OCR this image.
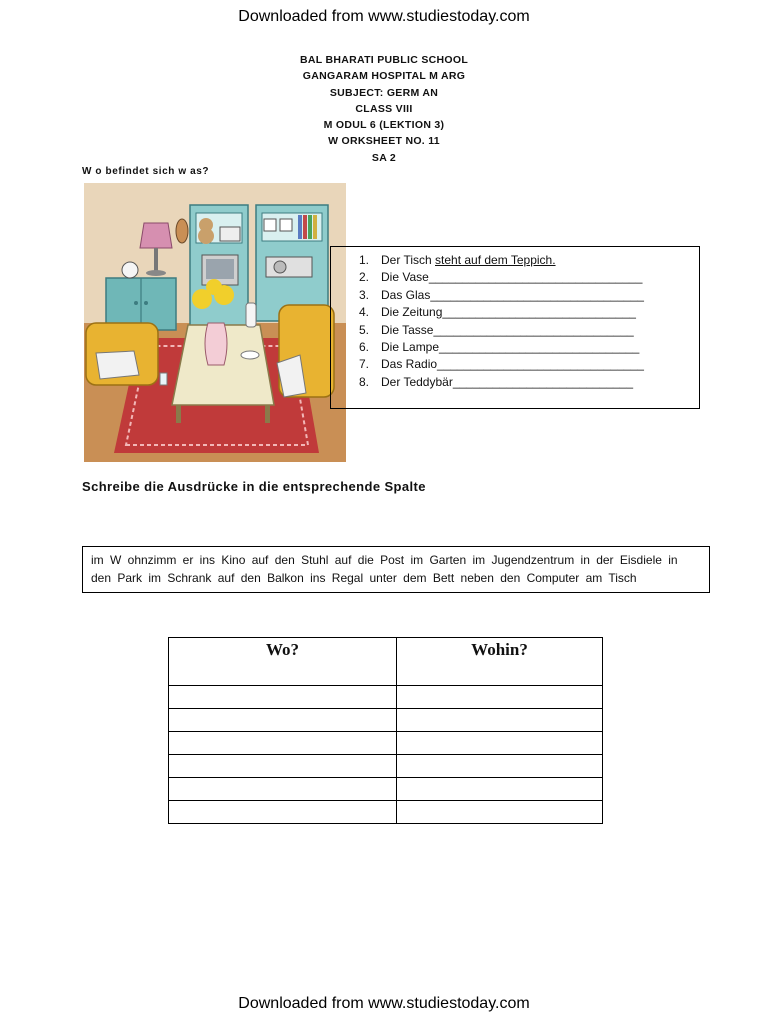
Downloaded from www.studiestoday.com
BAL BHARATI PUBLIC SCHOOL
GANGARAM HOSPITAL M ARG
SUBJECT: GERM AN
CLASS VIII
M ODUL 6 (LEKTION 3)
W ORKSHEET NO. 11
SA 2
W o befindet sich w as?
1. Der Tisch steht auf dem Teppich.
2. Die Vase________________________________
3. Das Glas________________________________
4. Die Zeitung_____________________________
5. Die Tasse______________________________
6. Die Lampe______________________________
7. Das Radio_______________________________
8. Der Teddybär___________________________
Schreibe die Ausdrücke in die entsprechende Spalte
im W ohnzimm er ins Kino auf den Stuhl auf die Post im Garten im Jugendzentrum in der Eisdiele in den Park im Schrank auf den Balkon ins Regal unter dem Bett neben den Computer am Tisch
Wo?	Wohin?

Downloaded from www.studiestoday.com
